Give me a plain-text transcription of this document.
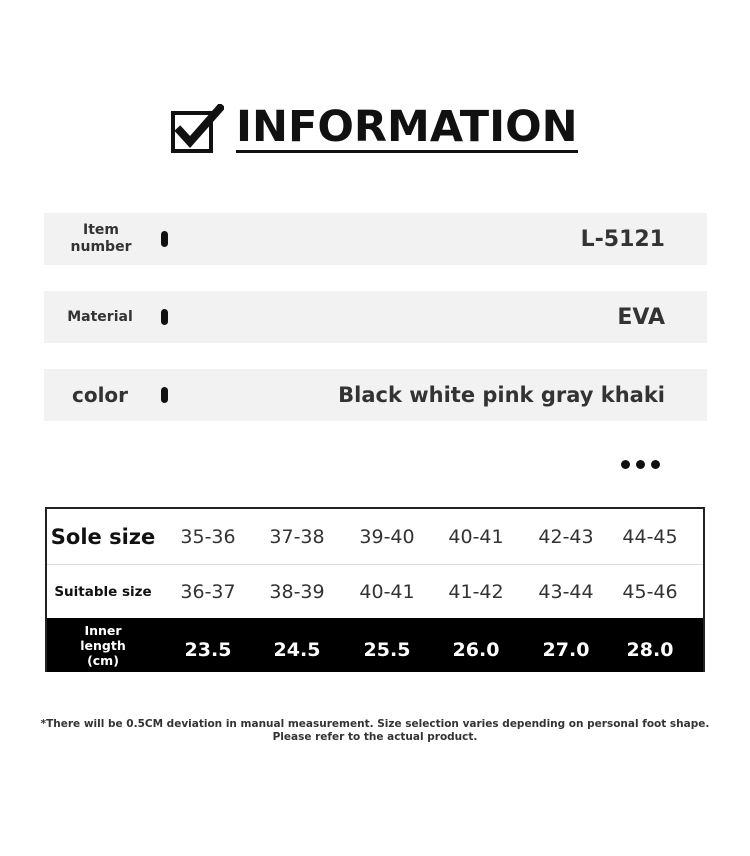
INFORMATION
Item number	L-5121
Material	EVA
color	Black white pink gray khaki
Sole size	35-36	37-38	39-40	40-41	42-43	44-45
Suitable size	36-37	38-39	40-41	41-42	43-44	45-46
Inner length (cm)	23.5	24.5	25.5	26.0	27.0	28.0
*There will be 0.5CM deviation in manual measurement. Size selection varies depending on personal foot shape. Please refer to the actual product.
